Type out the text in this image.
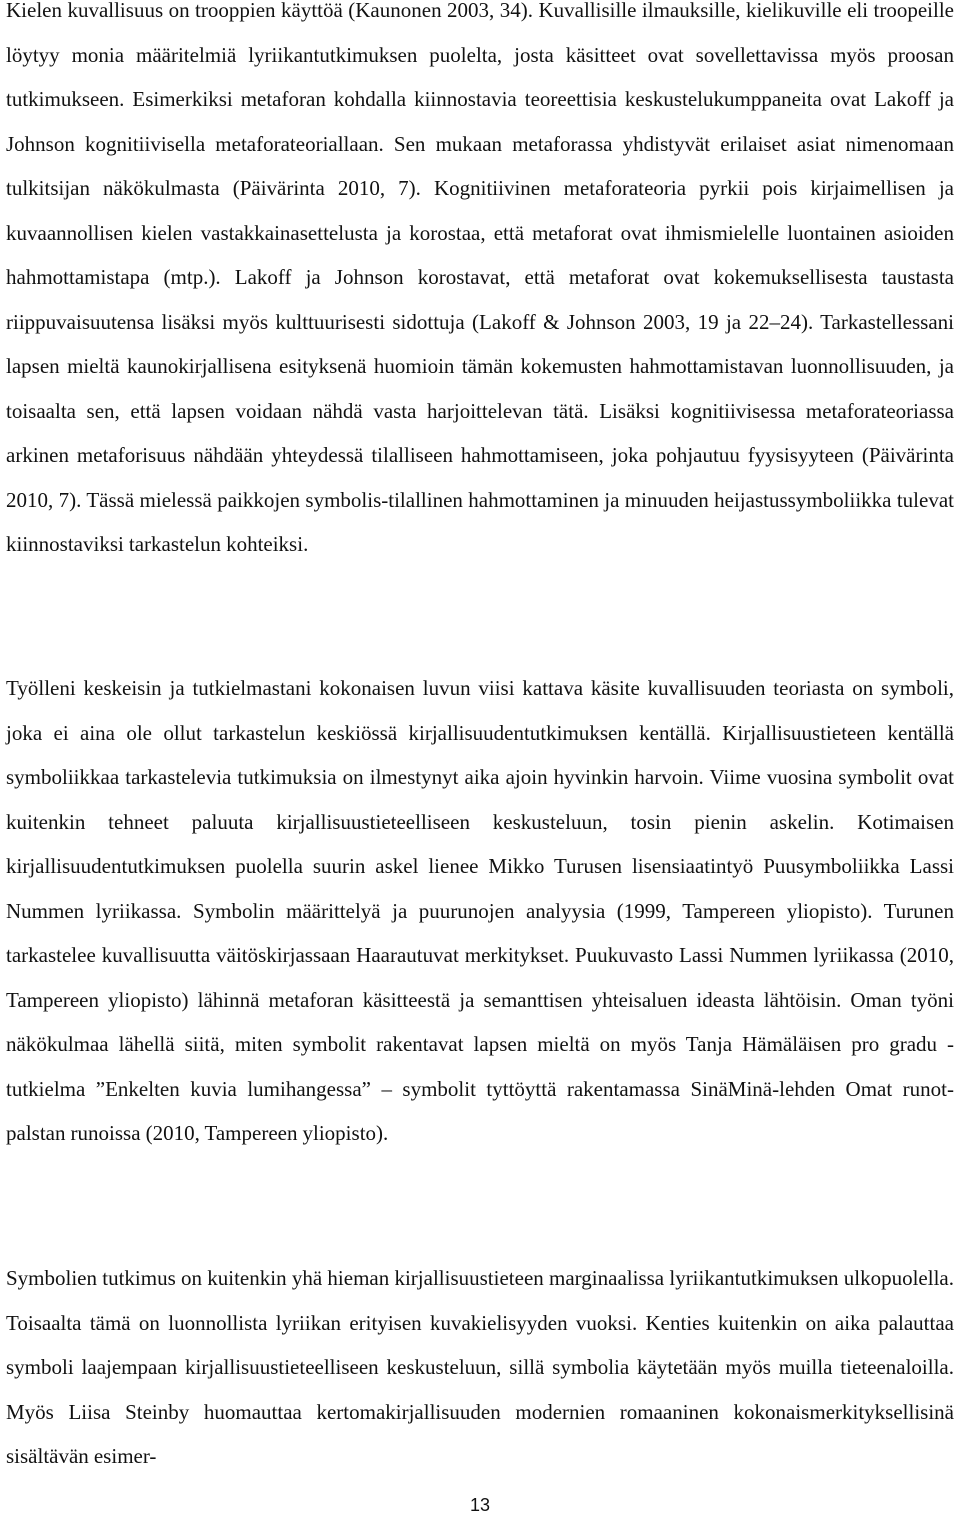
Kielen kuvallisuus on trooppien käyttöä (Kaunonen 2003, 34). Kuvallisille ilmauksille, kielikuville eli troopeille löytyy monia määritelmiä lyriikantutkimuksen puolelta, josta käsitteet ovat sovellettavissa myös proosan tutkimukseen. Esimerkiksi metaforan kohdalla kiinnostavia teoreettisia keskustelukumppaneita ovat Lakoff ja Johnson kognitiivisella metaforateoriallaan. Sen mukaan metaforassa yhdistyvät erilaiset asiat nimenomaan tulkitsijan näkökulmasta (Päivärinta 2010, 7). Kognitiivinen metaforateoria pyrkii pois kirjaimellisen ja kuvaannollisen kielen vastakkainasettelusta ja korostaa, että metaforat ovat ihmismielelle luontainen asioiden hahmottamistapa (mtp.). Lakoff ja Johnson korostavat, että metaforat ovat kokemuksellisesta taustasta riippuvaisuutensa lisäksi myös kulttuurisesti sidottuja (Lakoff & Johnson 2003, 19 ja 22–24). Tarkastellessani lapsen mieltä kaunokirjallisena esityksenä huomioin tämän kokemusten hahmottamistavan luonnollisuuden, ja toisaalta sen, että lapsen voidaan nähdä vasta harjoittelevan tätä. Lisäksi kognitiivisessa metaforateoriassa arkinen metaforisuus nähdään yhteydessä tilalliseen hahmottamiseen, joka pohjautuu fyysisyyteen (Päivärinta 2010, 7). Tässä mielessä paikkojen symbolis-tilallinen hahmottaminen ja minuuden heijastussymboliikka tulevat kiinnostaviksi tarkastelun kohteiksi.

Työlleni keskeisin ja tutkielmastani kokonaisen luvun viisi kattava käsite kuvallisuuden teoriasta on symboli, joka ei aina ole ollut tarkastelun keskiössä kirjallisuudentutkimuksen kentällä. Kirjallisuustieteen kentällä symboliikkaa tarkastelevia tutkimuksia on ilmestynyt aika ajoin hyvinkin harvoin. Viime vuosina symbolit ovat kuitenkin tehneet paluuta kirjallisuustieteelliseen keskusteluun, tosin pienin askelin. Kotimaisen kirjallisuudentutkimuksen puolella suurin askel lienee Mikko Turusen lisensiaatintyö Puusymboliikka Lassi Nummen lyriikassa. Symbolin määrittelyä ja puurunojen analyysia (1999, Tampereen yliopisto). Turunen tarkastelee kuvallisuutta väitöskirjassaan Haarautuvat merkitykset. Puukuvasto Lassi Nummen lyriikassa (2010, Tampereen yliopisto) lähinnä metaforan käsitteestä ja semanttisen yhteisaluen ideasta lähtöisin. Oman työni näkökulmaa lähellä siitä, miten symbolit rakentavat lapsen mieltä on myös Tanja Hämäläisen pro gradu -tutkielma ”Enkelten kuvia lumihangessa” – symbolit tyttöyttä rakentamassa SinäMinä-lehden Omat runot-palstan runoissa (2010, Tampereen yliopisto).

Symbolien tutkimus on kuitenkin yhä hieman kirjallisuustieteen marginaalissa lyriikantutkimuksen ulkopuolella. Toisaalta tämä on luonnollista lyriikan erityisen kuvakielisyyden vuoksi. Kenties kuitenkin on aika palauttaa symboli laajempaan kirjallisuustieteelliseen keskusteluun, sillä symbolia käytetään myös muilla tieteenaloilla. Myös Liisa Steinby huomauttaa kertomakirjallisuuden modernien romaaninen kokonaismerkityksellisinä sisältävän esimer-

13
